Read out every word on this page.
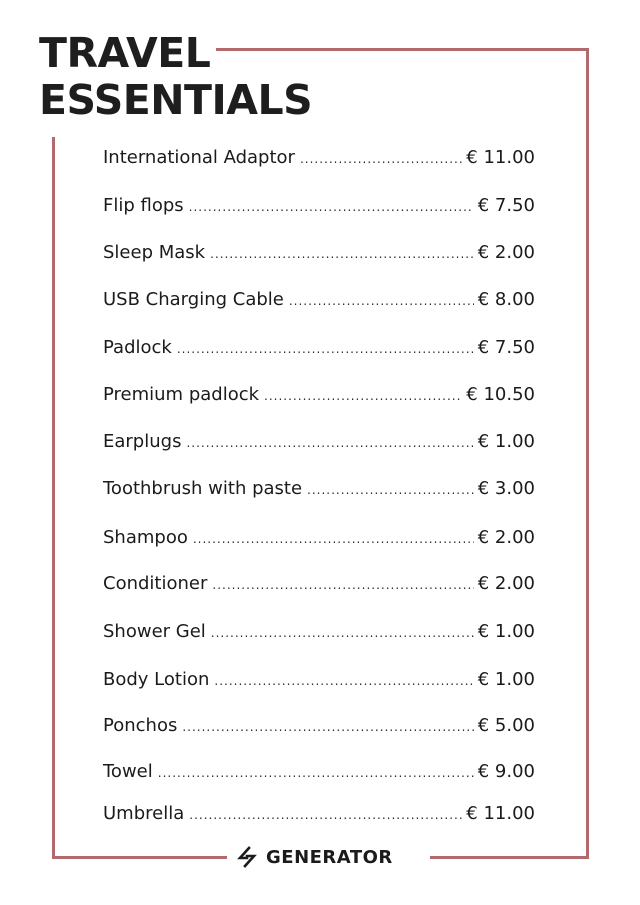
TRAVEL
ESSENTIALS
International Adaptor .....	€ 11.00
Flip flops .....	€ 7.50
Sleep Mask .....	€ 2.00
USB Charging Cable .....	€ 8.00
Padlock .....	€ 7.50
Premium padlock .....	€ 10.50
Earplugs .....	€ 1.00
Toothbrush with paste .....	€ 3.00
Shampoo .....	€ 2.00
Conditioner .....	€ 2.00
Shower Gel .....	€ 1.00
Body Lotion .....	€ 1.00
Ponchos .....	€ 5.00
Towel .....	€ 9.00
Umbrella .....	€ 11.00
GENERATOR
